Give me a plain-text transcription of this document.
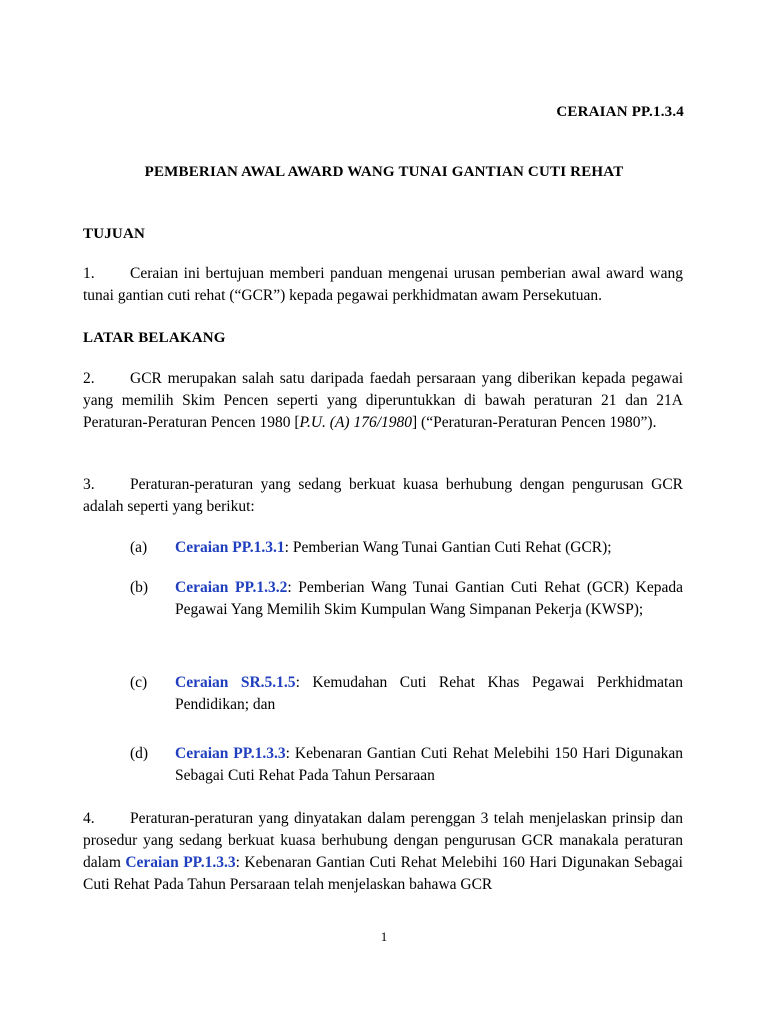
CERAIAN PP.1.3.4
PEMBERIAN AWAL AWARD WANG TUNAI GANTIAN CUTI REHAT
TUJUAN
1. Ceraian ini bertujuan memberi panduan mengenai urusan pemberian awal award wang tunai gantian cuti rehat (“GCR”) kepada pegawai perkhidmatan awam Persekutuan.
LATAR BELAKANG
2. GCR merupakan salah satu daripada faedah persaraan yang diberikan kepada pegawai yang memilih Skim Pencen seperti yang diperuntukkan di bawah peraturan 21 dan 21A Peraturan-Peraturan Pencen 1980 [P.U. (A) 176/1980] (“Peraturan-Peraturan Pencen 1980”).
3. Peraturan-peraturan yang sedang berkuat kuasa berhubung dengan pengurusan GCR adalah seperti yang berikut:
(a) Ceraian PP.1.3.1: Pemberian Wang Tunai Gantian Cuti Rehat (GCR);
(b) Ceraian PP.1.3.2: Pemberian Wang Tunai Gantian Cuti Rehat (GCR) Kepada Pegawai Yang Memilih Skim Kumpulan Wang Simpanan Pekerja (KWSP);
(c) Ceraian SR.5.1.5: Kemudahan Cuti Rehat Khas Pegawai Perkhidmatan Pendidikan; dan
(d) Ceraian PP.1.3.3: Kebenaran Gantian Cuti Rehat Melebihi 150 Hari Digunakan Sebagai Cuti Rehat Pada Tahun Persaraan
4. Peraturan-peraturan yang dinyatakan dalam perenggan 3 telah menjelaskan prinsip dan prosedur yang sedang berkuat kuasa berhubung dengan pengurusan GCR manakala peraturan dalam Ceraian PP.1.3.3: Kebenaran Gantian Cuti Rehat Melebihi 160 Hari Digunakan Sebagai Cuti Rehat Pada Tahun Persaraan telah menjelaskan bahawa GCR
1
